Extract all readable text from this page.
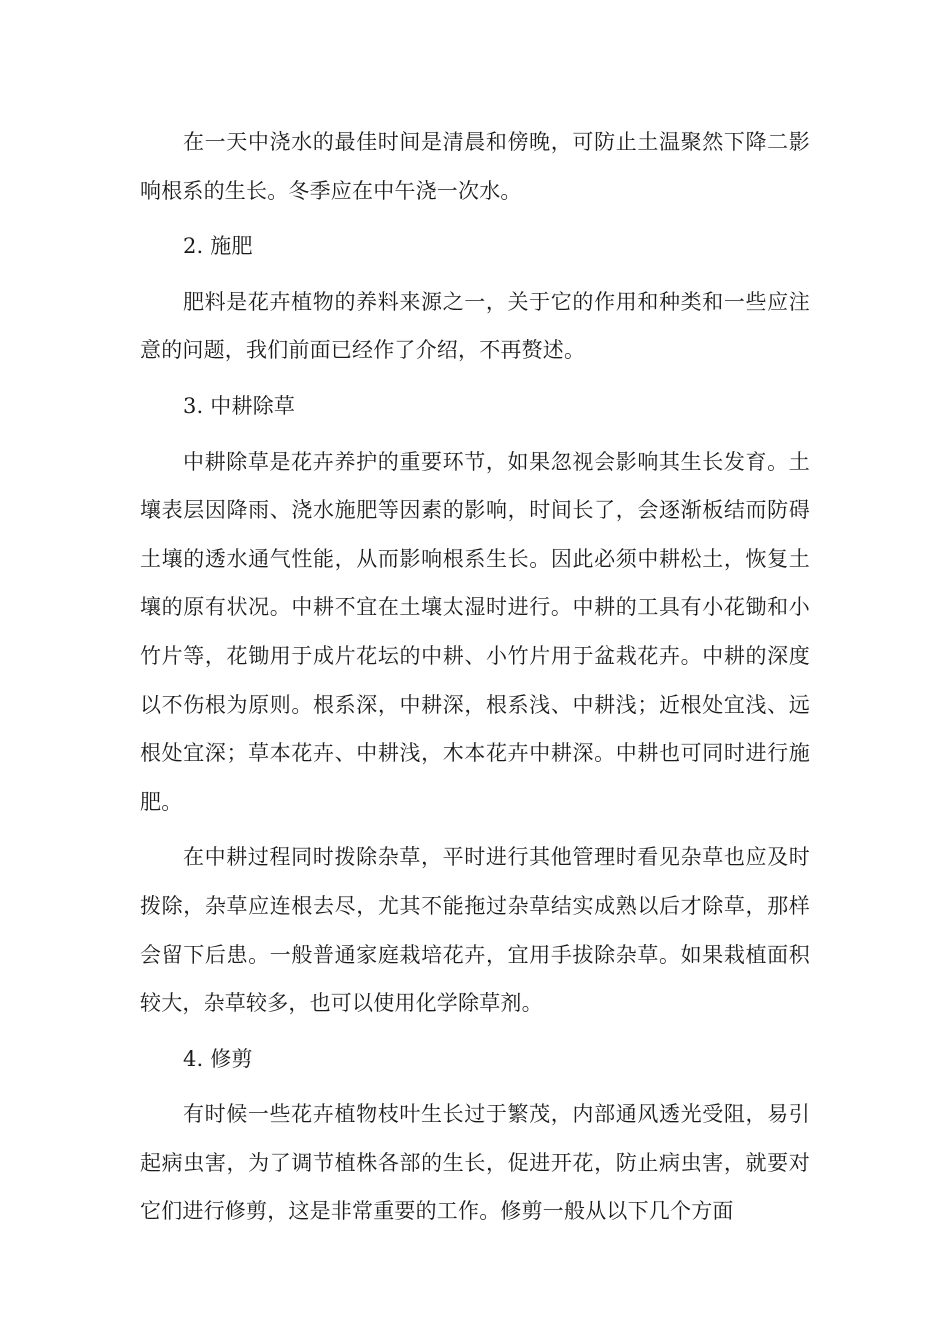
在一天中浇水的最佳时间是清晨和傍晚，可防止土温聚然下降二影响根系的生长。冬季应在中午浇一次水。

2. 施肥

肥料是花卉植物的养料来源之一，关于它的作用和种类和一些应注意的问题，我们前面已经作了介绍，不再赘述。

3. 中耕除草

中耕除草是花卉养护的重要环节，如果忽视会影响其生长发育。土壤表层因降雨、浇水施肥等因素的影响，时间长了，会逐渐板结而防碍土壤的透水通气性能，从而影响根系生长。因此必须中耕松土，恢复土壤的原有状况。中耕不宜在土壤太湿时进行。中耕的工具有小花锄和小竹片等，花锄用于成片花坛的中耕、小竹片用于盆栽花卉。中耕的深度以不伤根为原则。根系深，中耕深，根系浅、中耕浅；近根处宜浅、远根处宜深；草本花卉、中耕浅，木本花卉中耕深。中耕也可同时进行施肥。

在中耕过程同时拨除杂草，平时进行其他管理时看见杂草也应及时拨除，杂草应连根去尽，尤其不能拖过杂草结实成熟以后才除草，那样会留下后患。一般普通家庭栽培花卉，宜用手拔除杂草。如果栽植面积较大，杂草较多，也可以使用化学除草剂。

4. 修剪

有时候一些花卉植物枝叶生长过于繁茂，内部通风透光受阻，易引起病虫害，为了调节植株各部的生长，促进开花，防止病虫害，就要对它们进行修剪，这是非常重要的工作。修剪一般从以下几个方面
